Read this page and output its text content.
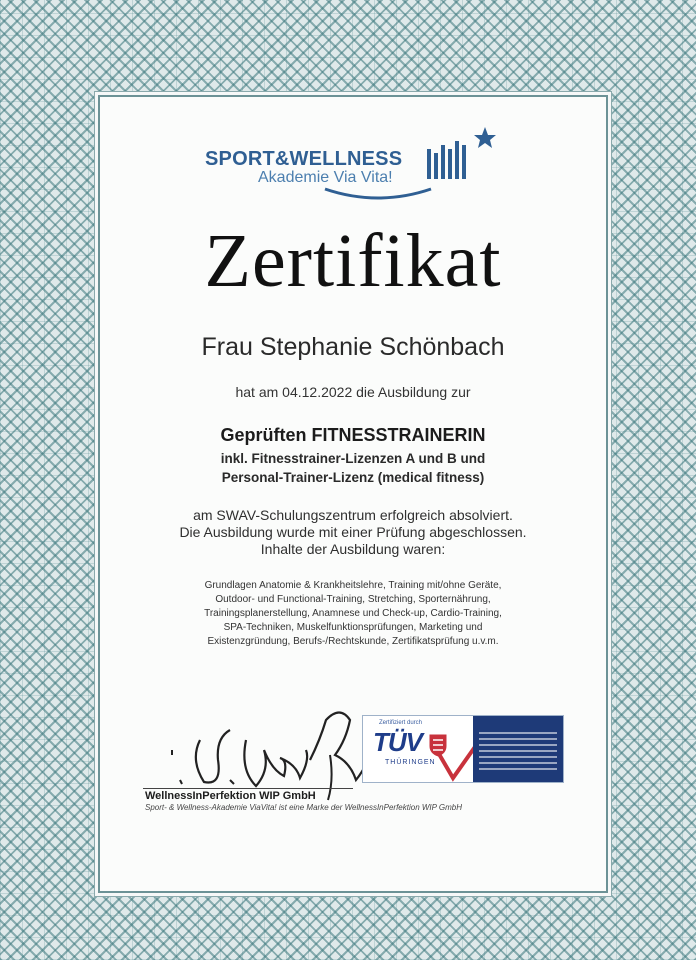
SPORT&WELLNESS
Akademie Via Vita!
Zertifikat
Frau Stephanie Schönbach
hat am 04.12.2022 die Ausbildung zur
Geprüften FITNESSTRAINERIN
inkl. Fitnesstrainer-Lizenzen A und B und
Personal-Trainer-Lizenz (medical fitness)
am SWAV-Schulungszentrum erfolgreich absolviert.
Die Ausbildung wurde mit einer Prüfung abgeschlossen.
Inhalte der Ausbildung waren:
Grundlagen Anatomie & Krankheitslehre, Training mit/ohne Geräte,
Outdoor- und Functional-Training, Stretching, Sporternährung,
Trainingsplanerstellung, Anamnese und Check-up, Cardio-Training,
SPA-Techniken, Muskelfunktionsprüfungen, Marketing und
Existenzgründung, Berufs-/Rechtskunde, Zertifikatsprüfung u.v.m.
WellnessInPerfektion WIP GmbH
Sport- & Wellness-Akademie ViaVita! ist eine Marke der WellnessInPerfektion WIP GmbH
Zertifiziert durch
TÜV
THÜRINGEN
